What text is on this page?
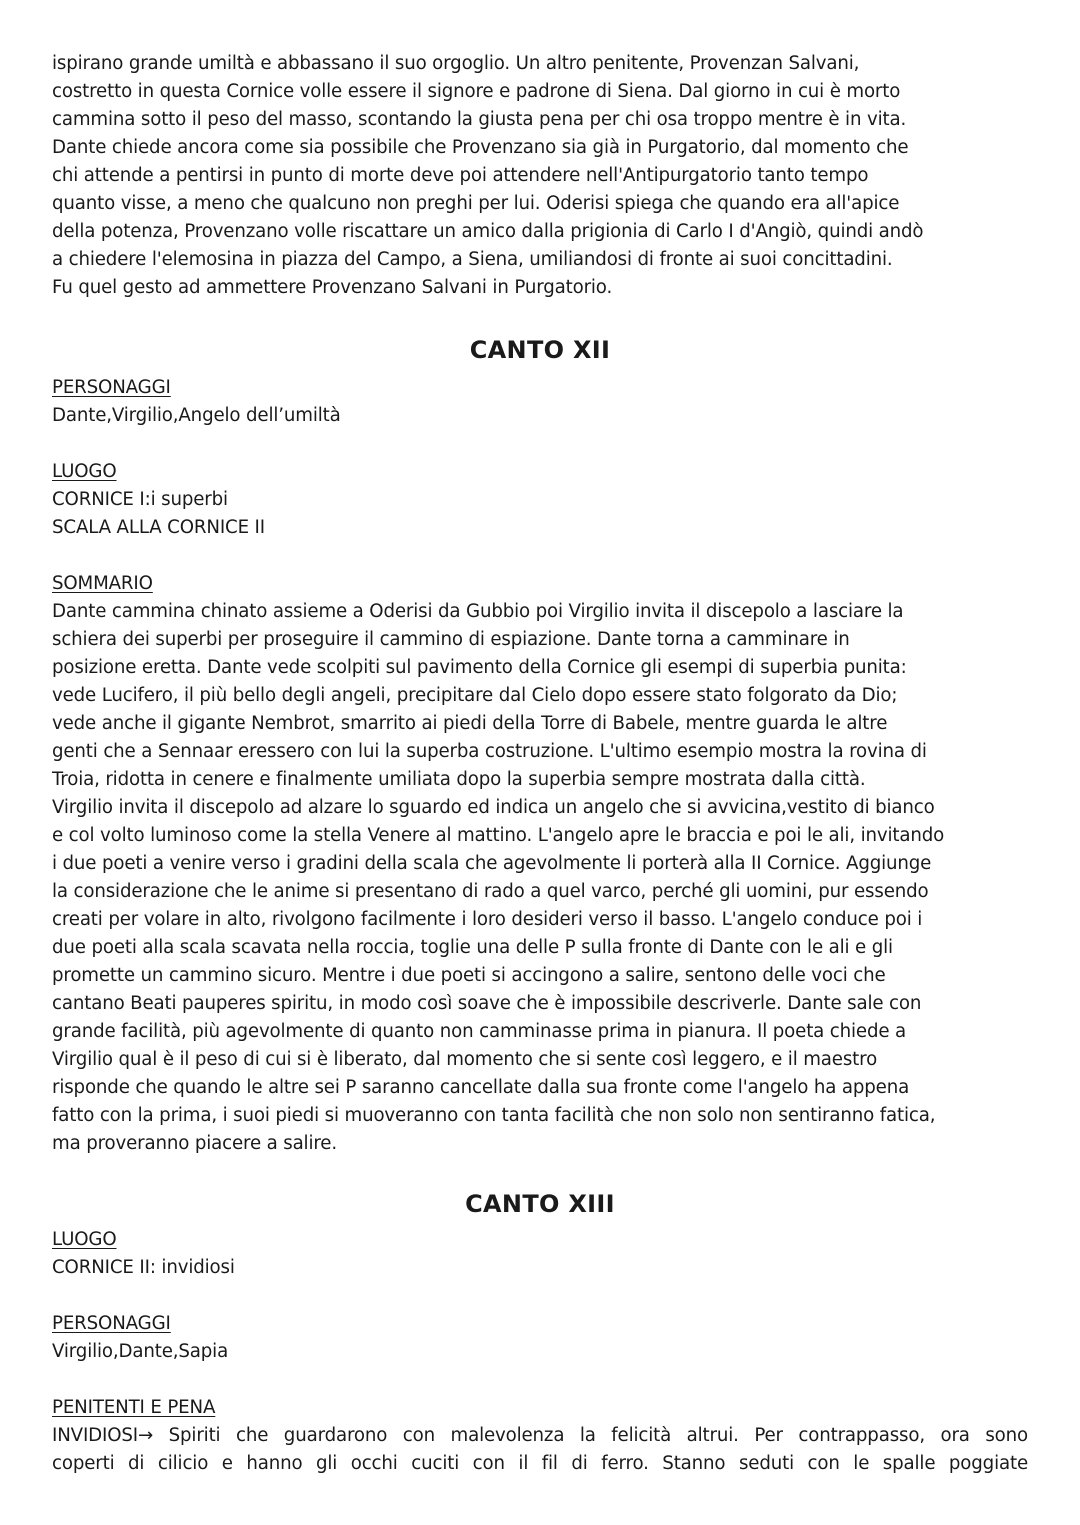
ispirano grande umiltà e abbassano il suo orgoglio. Un altro penitente, Provenzan Salvani,
costretto in questa Cornice volle essere il signore e padrone di Siena. Dal giorno in cui è morto
cammina sotto il peso del masso, scontando la giusta pena per chi osa troppo mentre è in vita.
Dante chiede ancora come sia possibile che Provenzano sia già in Purgatorio, dal momento che
chi attende a pentirsi in punto di morte deve poi attendere nell'Antipurgatorio tanto tempo
quanto visse, a meno che qualcuno non preghi per lui. Oderisi spiega che quando era all'apice
della potenza, Provenzano volle riscattare un amico dalla prigionia di Carlo I d'Angiò, quindi andò
a chiedere l'elemosina in piazza del Campo, a Siena, umiliandosi di fronte ai suoi concittadini.
Fu quel gesto ad ammettere Provenzano Salvani in Purgatorio.

CANTO XII
PERSONAGGI
Dante,Virgilio,Angelo dell’umiltà
LUOGO
CORNICE I:i superbi
SCALA ALLA CORNICE II
SOMMARIO

Dante cammina chinato assieme a Oderisi da Gubbio poi Virgilio invita il discepolo a lasciare la
schiera dei superbi per proseguire il cammino di espiazione. Dante torna a camminare in
posizione eretta. Dante vede scolpiti sul pavimento della Cornice gli esempi di superbia punita:
vede Lucifero, il più bello degli angeli, precipitare dal Cielo dopo essere stato folgorato da Dio;
vede anche il gigante Nembrot, smarrito ai piedi della Torre di Babele, mentre guarda le altre
genti che a Sennaar eressero con lui la superba costruzione. L'ultimo esempio mostra la rovina di
Troia, ridotta in cenere e finalmente umiliata dopo la superbia sempre mostrata dalla città.
Virgilio invita il discepolo ad alzare lo sguardo ed indica un angelo che si avvicina,vestito di bianco
e col volto luminoso come la stella Venere al mattino. L'angelo apre le braccia e poi le ali, invitando
i due poeti a venire verso i gradini della scala che agevolmente li porterà alla II Cornice. Aggiunge
la considerazione che le anime si presentano di rado a quel varco, perché gli uomini, pur essendo
creati per volare in alto, rivolgono facilmente i loro desideri verso il basso. L'angelo conduce poi i
due poeti alla scala scavata nella roccia, toglie una delle P sulla fronte di Dante con le ali e gli
promette un cammino sicuro. Mentre i due poeti si accingono a salire, sentono delle voci che
cantano Beati pauperes spiritu, in modo così soave che è impossibile descriverle. Dante sale con
grande facilità, più agevolmente di quanto non camminasse prima in pianura. Il poeta chiede a
Virgilio qual è il peso di cui si è liberato, dal momento che si sente così leggero, e il maestro
risponde che quando le altre sei P saranno cancellate dalla sua fronte come l'angelo ha appena
fatto con la prima, i suoi piedi si muoveranno con tanta facilità che non solo non sentiranno fatica,
ma proveranno piacere a salire.

CANTO XIII
LUOGO
CORNICE II: invidiosi
PERSONAGGI
Virgilio,Dante,Sapia
PENITENTI E PENA
INVIDIOSI→ Spiriti che guardarono con malevolenza la felicità altrui. Per contrappasso, ora sono
coperti di cilicio e hanno gli occhi cuciti con il fil di ferro. Stanno seduti con le spalle poggiate
